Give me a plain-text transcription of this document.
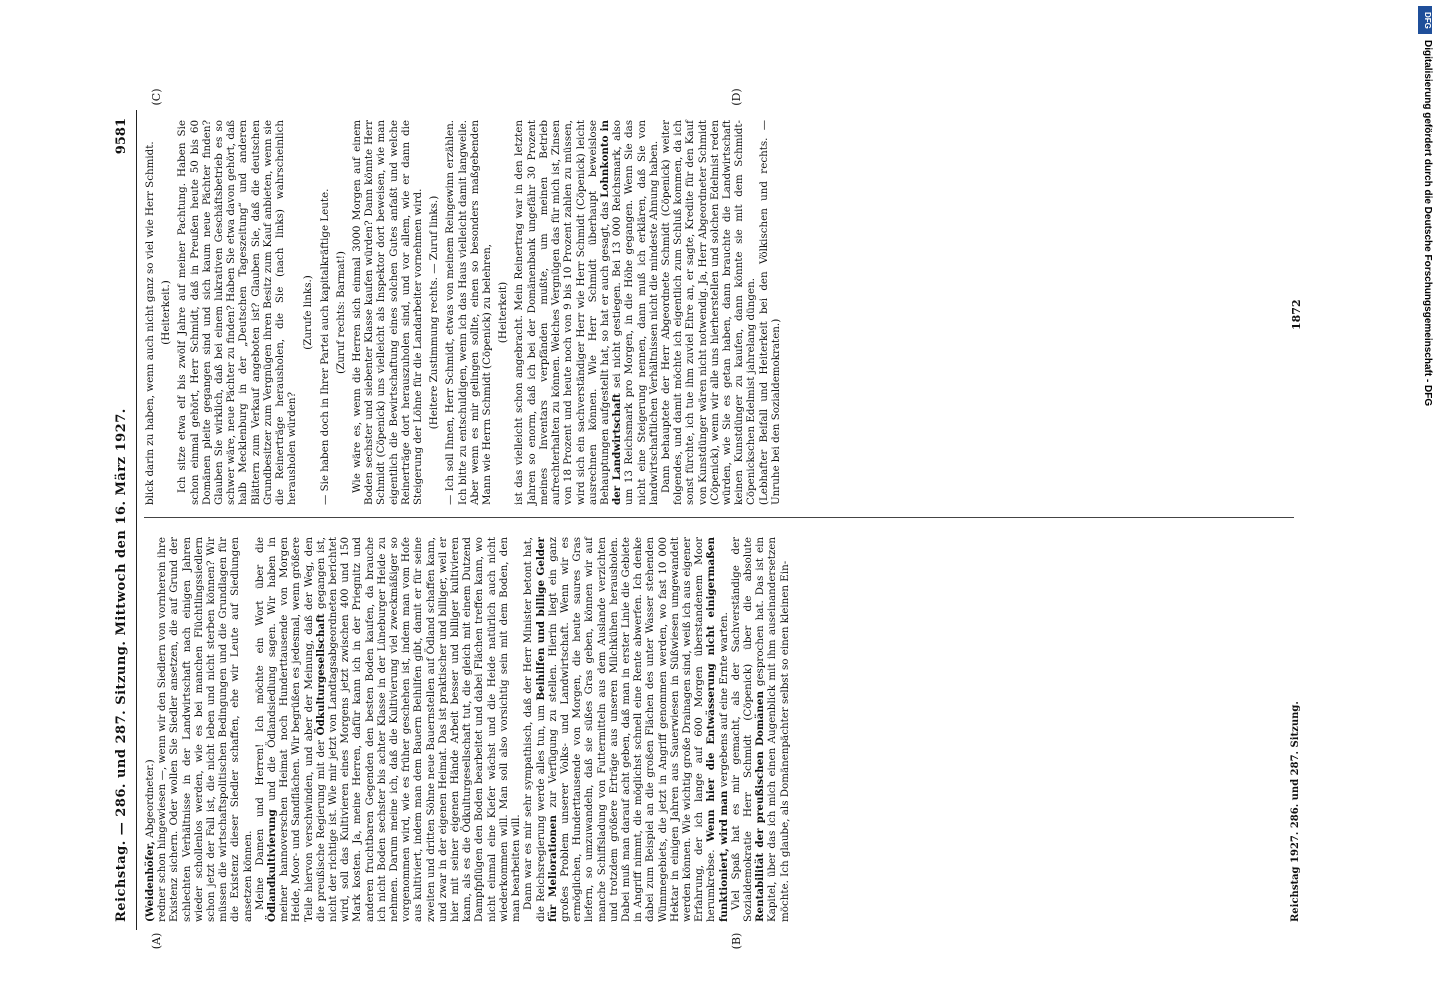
Reichstag. — 286. und 287. Sitzung. Mittwoch den 16. März 1927.
9581

(Weidenhöfer, Abgeordneter.) redner schon hingewiesen —, wenn wir den Siedlern von vornherein ihre Existenz sichern. Oder wollen Sie Siedler ansetzen, die auf Grund der schlechten Verhältnisse in der Landwirtschaft nach einigen Jahren wieder schollenlos werden, wie es bei manchen Flüchtlingssiedlern schon jetzt der Fall ist, die nicht leben und nicht sterben können? Wir müssen die wirtschaftspolitischen Bedingungen und die Grundlagen für die Existenz dieser Siedler schaffen, ehe wir Leute auf Siedlungen ansetzen können. Meine Damen und Herren! Ich möchte ein Wort über die Ödlandkultivierung und die Ödlandsiedlung sagen. Wir haben in meiner hannoverschen Heimat noch Hunderttausende von Morgen Heide, Moor- und Sandflächen. Wir begrüßen es jedesmal, wenn größere Teile hiervon verschwinden, und aber der Meinung, daß der Weg, den die preußische Regierung mit der Ödkulturgesellschaft gegangen ist, nicht der richtige ist. Wie mir jetzt von Landtagsabgeordneten berichtet wird, soll das Kultivieren eines Morgens jetzt zwischen 400 und 150 Mark kosten. Ja, meine Herren, dafür kann ich in der Priegnitz und anderen fruchtbaren Gegenden den besten Boden kaufen, da brauche ich nicht Boden sechster bis achter Klasse in der Lüneburger Heide zu nehmen. Darum meine ich, daß die Kultivierung viel zweckmäßiger so vorgenommen wird, wie es früher geschehen ist, indem man vom Hofe aus kultiviert, indem man dem Bauern Beihilfen gibt, damit er für seine zweiten und dritten Söhne neue Bauernstellen auf Ödland schaffen kann, und zwar in der eigenen Heimat. Das ist praktischer und billiger, weil er hier mit seiner eigenen Hände Arbeit besser und billiger kultivieren kann, als es die Ödkulturgesellschaft tut, die gleich mit einem Dutzend Dampfpflügen den Boden bearbeitet und dabei Flächen treffen kann, wo nicht einmal eine Kiefer wächst und die Heide natürlich auch nicht wiederkommen will. Man soll also vorsichtig sein mit dem Boden, den man bearbeiten will. Dann war es mir sehr sympathisch, daß der Herr Minister betont hat, die Reichsregierung werde alles tun, um Beihilfen und billige Gelder für Meliorationen zur Verfügung zu stellen. Hierin liegt ein ganz großes Problem unserer Volks- und Landwirtschaft. Wenn wir es ermöglichen, Hunderttausende von Morgen, die heute saures Gras liefern, so umzuwandeln, daß sie süßes Gras geben, können wir auf manche Schiffsladung von Futtermitteln aus dem Auslande verzichten und trotzdem größere Erträge aus unseren Milchkühen herausholen. Dabei muß man darauf acht geben, daß man in erster Linie die Gebiete in Angriff nimmt, die möglichst schnell eine Rente abwerfen. Ich denke dabei zum Beispiel an die großen Flächen des unter Wasser stehenden Wümmegebiets, die jetzt in Angriff genommen werden, wo fast 10 000 Hektar in einigen Jahren aus Sauerwiesen in Süßwiesen umgewandelt werden können. Wie wichtig große Drainagen sind, weiß ich aus eigener Erfahrung, der ich lange auf 600 Morgen überstandenem Moor herumkrebse. Wenn hier die Entwässerung nicht einigermaßen funktioniert, wird man vergebens auf eine Ernte warten. Viel Spaß hat es mir gemacht, als der Sachverständige der Sozialdemokratie Herr Schmidt (Cöpenick) über die absolute Rentabilität der preußischen Domänen gesprochen hat. Das ist ein Kapitel, über das ich mich einen Augenblick mit ihm auseinandersetzen möchte. Ich glaube, als Domänenpächter selbst so einen kleinen Ein-

blick darin zu haben, wenn auch nicht ganz so viel wie Herr Schmidt. (Heiterkeit.) Ich sitze etwa elf bis zwölf Jahre auf meiner Pachtung. Haben Sie schon einmal gehört, Herr Schmidt, daß in Preußen heute 50 bis 60 Domänen pleite gegangen sind und sich kaum neue Pächter finden? Glauben Sie wirklich, daß bei einem lukrativen Geschäftsbetrieb es so schwer wäre, neue Pächter zu finden? Haben Sie etwa davon gehört, daß halb Mecklenburg in der „Deutschen Tageszeitung“ und anderen Blättern zum Verkauf angeboten ist? Glauben Sie, daß die deutschen Grundbesitzer zum Vergnügen ihren Besitz zum Kauf anbieten, wenn sie die Reinerträge herausholen, die Sie (nach links) wahrscheinlich herausholen würden?

(Zurufe links.) — Sie haben doch in Ihrer Partei auch kapitalkräftige Leute. (Zuruf rechts: Barmat!) Wie wäre es, wenn die Herren sich einmal 3000 Morgen auf einem Boden sechster und siebenter Klasse kaufen würden? Dann könnte Herr Schmidt (Cöpenick) uns vielleicht als Inspektor dort beweisen, wie man eigentlich die Bewirtschaftung eines solchen Gutes anfaßt und welche Reinerträge dort herauszuholen sind, und vor allem, wie er dann die Steigerung der Löhne für die Landarbeiter vornehmen wird. (Heitere Zustimmung rechts. — Zuruf links.) — Ich soll Ihnen, Herr Schmidt, etwas von meinem Reingewinn erzählen. Ich bitte zu entschuldigen, wenn ich das Haus vielleicht damit langweile. Aber wenn es mir gelingen sollte, einen so besonders maßgebenden Mann wie Herrn Schmidt (Cöpenick) zu belehren, (Heiterkeit) ist das vielleicht schon angebracht. Mein Reinertrag war in den letzten Jahren so enorm, daß ich bei der Domänenbank ungefähr 30 Prozent meines Inventars verpfänden mußte, um meinen Betrieb aufrechterhalten zu können. Welches Vergnügen das für mich ist, Zinsen von 18 Prozent und heute noch von 9 bis 10 Prozent zahlen zu müssen, wird sich ein sachverständiger Herr wie Herr Schmidt (Cöpenick) leicht ausrechnen können. Wie Herr Schmidt überhaupt beweislose Behauptungen aufgestellt hat, so hat er auch gesagt, das Lohnkonto in der Landwirtschaft sei nicht gestiegen. Bei 13 000 Reichsmark, also um 13 Reichsmark pro Morgen, in die Höhe gegangen. Wenn Sie das nicht eine Steigerung nennen, dann muß ich erklären, daß Sie von landwirtschaftlichen Verhältnissen nicht die mindeste Ahnung haben. Dann behauptete der Herr Abgeordnete Schmidt (Cöpenick) weiter folgendes, und damit möchte ich eigentlich zum Schluß kommen, da ich sonst fürchte, ich tue ihm zuviel Ehre an, er sagte, Kredite für den Kauf von Kunstdünger wären nicht notwendig. Ja, Herr Abgeordneter Schmidt (Cöpenick), wenn wir alle uns hierherstellen und solchen Edelmist reden würden, wie Sie es getan haben, dann brauchte die Landwirtschaft keinen Kunstdünger zu kaufen, dann könnte sie mit dem Schmidt-Cöpenickschen Edelmist jahrelang düngen. (Lebhafter Beifall und Heiterkeit bei den Völkischen und rechts. — Unruhe bei den Sozialdemokraten.)

(A)	(B)
(C)	(D)
Reichstag 1927. 286. und 287. Sitzung.
1872
DFG
Digitalisierung gefördert durch die Deutsche Forschungsgemeinschaft - DFG
